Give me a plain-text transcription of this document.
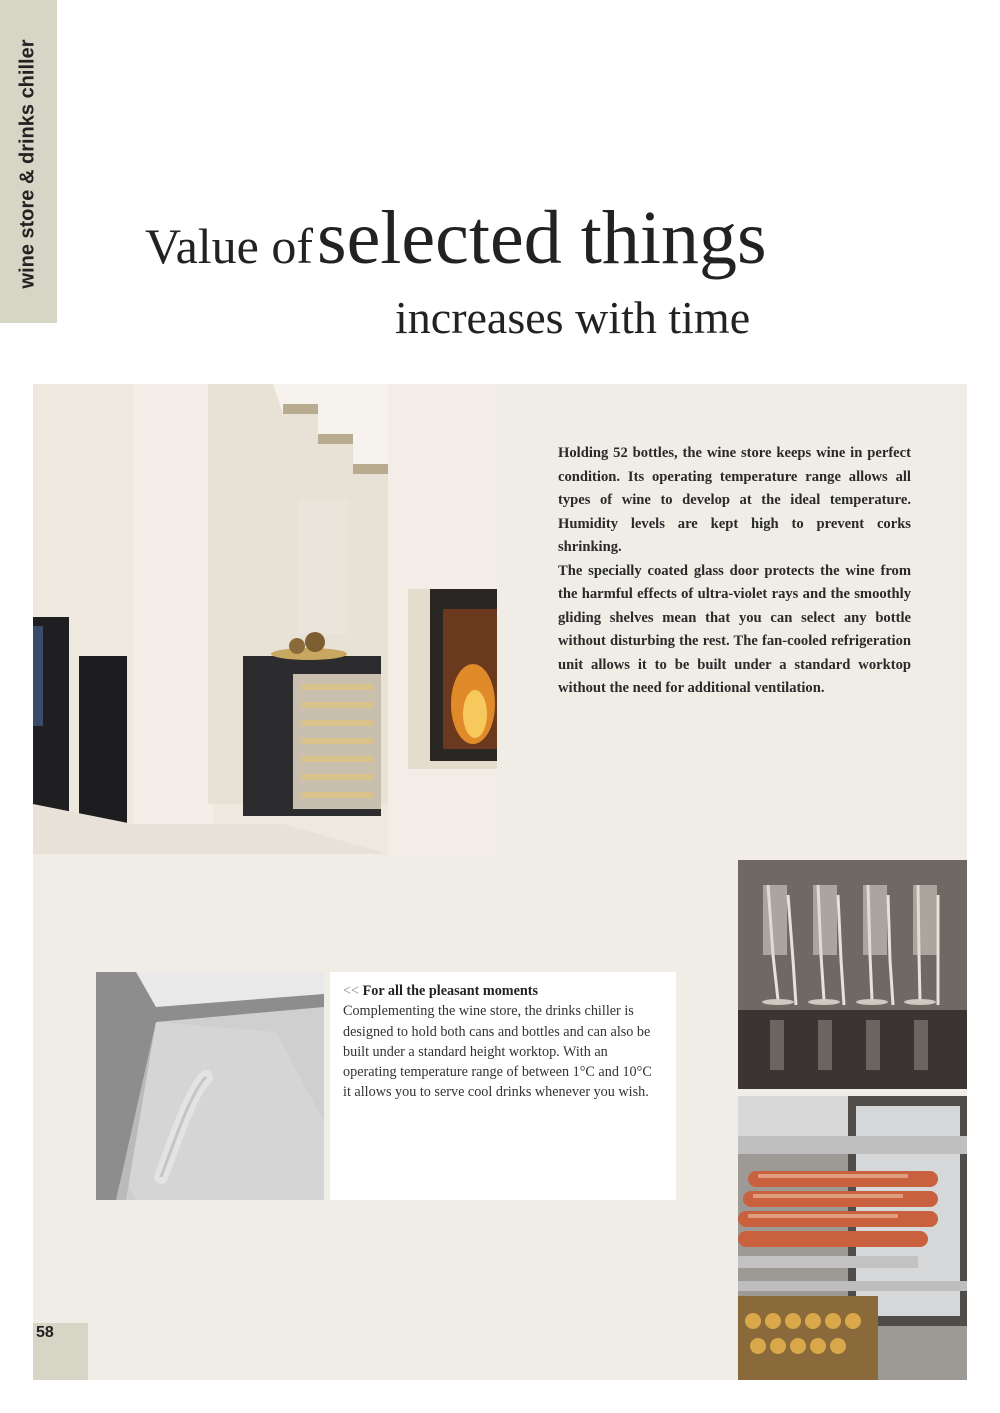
wine store & drinks chiller Value of selected things
increases with time

Holding 52 bottles, the wine store keeps wine in perfect condition. Its operating temperature range allows all types of wine to develop at the ideal temperature. Humidity levels are kept high to prevent corks shrinking.

The specially coated glass door protects the wine from the harmful effects of ultra-violet rays and the smoothly gliding shelves mean that you can select any bottle without disturbing the rest. The fan-cooled refrigeration unit allows it to be built under a standard worktop without the need for additional ventilation.

<< For all the pleasant moments
Complementing the wine store, the drinks chiller is designed to hold both cans and bottles and can also be built under a standard height worktop. With an operating temperature range of between 1°C and 10°C it allows you to serve cool drinks whenever you wish.
58
